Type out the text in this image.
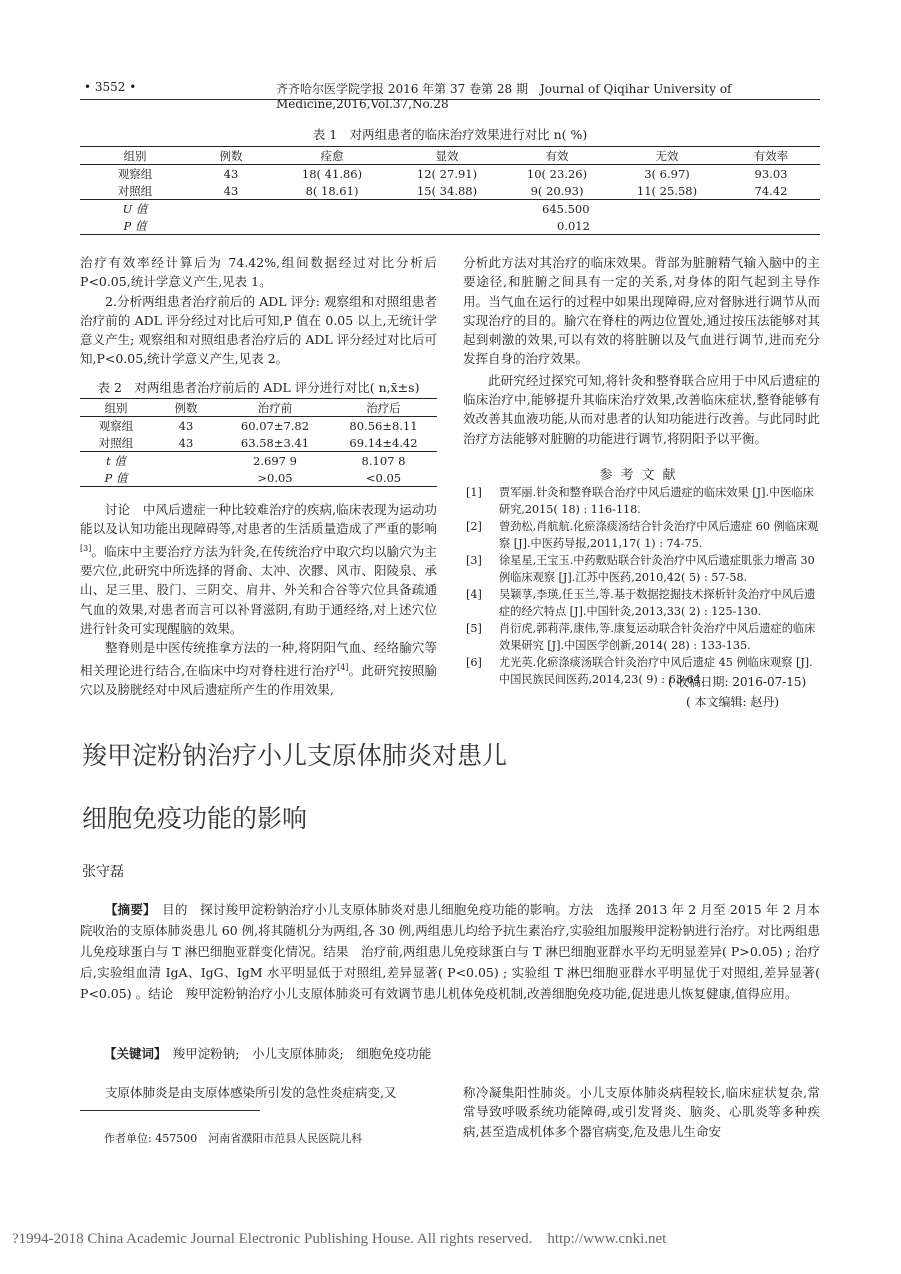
• 3552 •	齐齐哈尔医学院学报 2016 年第 37 卷第 28 期　Journal of Qiqihar University of Medicine,2016,Vol.37,No.28
表 1　对两组患者的临床治疗效果进行对比 n( %)
组别	例数	痊愈	显效	有效	无效	有效率
观察组	43	18( 41.86)	12( 27.91)	10( 23.26)	3( 6.97)	93.03
对照组	43	8( 18.61)	15( 34.88)	9( 20.93)	11( 25.58)	74.42
U 值	645.500					
P 值	0.012					

治疗有效率经计算后为 74.42%,组间数据经过对比分析后 P<0.05,统计学意义产生,见表 1。

2.分析两组患者治疗前后的 ADL 评分: 观察组和对照组患者治疗前的 ADL 评分经过对比后可知,P 值在 0.05 以上,无统计学意义产生; 观察组和对照组患者治疗后的 ADL 评分经过对比后可知,P<0.05,统计学意义产生,见表 2。

表 2　对两组患者治疗前后的 ADL 评分进行对比( n,x̄±s)
组别	例数	治疗前	治疗后
观察组	43	60.07±7.82	80.56±8.11
对照组	43	63.58±3.41	69.14±4.42
t 值		2.697 9	8.107 8
P 值		>0.05	<0.05

讨论　中风后遗症一种比较难治疗的疾病,临床表现为运动功能以及认知功能出现障碍等,对患者的生活质量造成了严重的影响[3]。临床中主要治疗方法为针灸,在传统治疗中取穴均以腧穴为主要穴位,此研究中所选择的肾俞、太冲、次髎、风市、阳陵泉、承山、足三里、股门、三阴交、肩井、外关和合谷等穴位具备疏通气血的效果,对患者而言可以补肾滋阴,有助于通经络,对上述穴位进行针灸可实现醒脑的效果。

整脊则是中医传统推拿方法的一种,将阴阳气血、经络腧穴等相关理论进行结合,在临床中均对脊柱进行治疗[4]。此研究按照腧穴以及膀胱经对中风后遗症所产生的作用效果,

分析此方法对其治疗的临床效果。背部为脏腑精气输入脑中的主要途径,和脏腑之间具有一定的关系,对身体的阳气起到主导作用。当气血在运行的过程中如果出现障碍,应对督脉进行调节从而实现治疗的目的。腧穴在脊柱的两边位置处,通过按压法能够对其起到刺激的效果,可以有效的将脏腑以及气血进行调节,进而充分发挥自身的治疗效果。

此研究经过探究可知,将针灸和整脊联合应用于中风后遗症的临床治疗中,能够提升其临床治疗效果,改善临床症状,整脊能够有效改善其血液功能,从而对患者的认知功能进行改善。与此同时此治疗方法能够对脏腑的功能进行调节,将阴阳予以平衡。

参考文献
[1]	贾军丽.针灸和整脊联合治疗中风后遗症的临床效果 [J].中医临床研究,2015( 18) : 116-118.
[2]	曾劲松,肖航航.化瘀涤痰汤结合针灸治疗中风后遗症 60 例临床观察 [J].中医药导报,2011,17( 1) : 74-75.
[3]	徐星星,王宝玉.中药敷贴联合针灸治疗中风后遗症肌张力增高 30 例临床观察 [J].江苏中医药,2010,42( 5) : 57-58.
[4]	吴颖莩,李瑛,任玉兰,等.基于数据挖掘技术探析针灸治疗中风后遗症的经穴特点 [J].中国针灸,2013,33( 2) : 125-130.
[5]	肖衍虎,郭莉萍,康伟,等.康复运动联合针灸治疗中风后遗症的临床效果研究 [J].中国医学创新,2014( 28) : 133-135.
[6]	尤光英.化瘀涤痰汤联合针灸治疗中风后遗症 45 例临床观察 [J].中国民族民间医药,2014,23( 9) : 63-64.
( 收稿日期: 2016-07-15)
( 本文编辑: 赵丹)
羧甲淀粉钠治疗小儿支原体肺炎对患儿
细胞免疫功能的影响
张守磊

【摘要】　 目的　探讨羧甲淀粉钠治疗小儿支原体肺炎对患儿细胞免疫功能的影响。方法　选择 2013 年 2 月至 2015 年 2 月本院收治的支原体肺炎患儿 60 例,将其随机分为两组,各 30 例,两组患儿均给予抗生素治疗,实验组加服羧甲淀粉钠进行治疗。对比两组患儿免疫球蛋白与 T 淋巴细胞亚群变化情况。结果　治疗前,两组患儿免疫球蛋白与 T 淋巴细胞亚群水平均无明显差异( P>0.05) ; 治疗后,实验组血清 IgA、IgG、IgM 水平明显低于对照组,差异显著( P<0.05) ; 实验组 T 淋巴细胞亚群水平明显优于对照组,差异显著( P<0.05) 。结论　羧甲淀粉钠治疗小儿支原体肺炎可有效调节患儿机体免疫机制,改善细胞免疫功能,促进患儿恢复健康,值得应用。

【关键词】　 羧甲淀粉钠;　小儿支原体肺炎;　细胞免疫功能
支原体肺炎是由支原体感染所引发的急性炎症病变,又
作者单位: 457500　河南省濮阳市范县人民医院儿科
称冷凝集阳性肺炎。小儿支原体肺炎病程较长,临床症状复杂,常常导致呼吸系统功能障碍,或引发肾炎、脑炎、心肌炎等多种疾病,甚至造成机体多个器官病变,危及患儿生命安
?1994-2018 China Academic Journal Electronic Publishing House. All rights reserved.　http://www.cnki.net
